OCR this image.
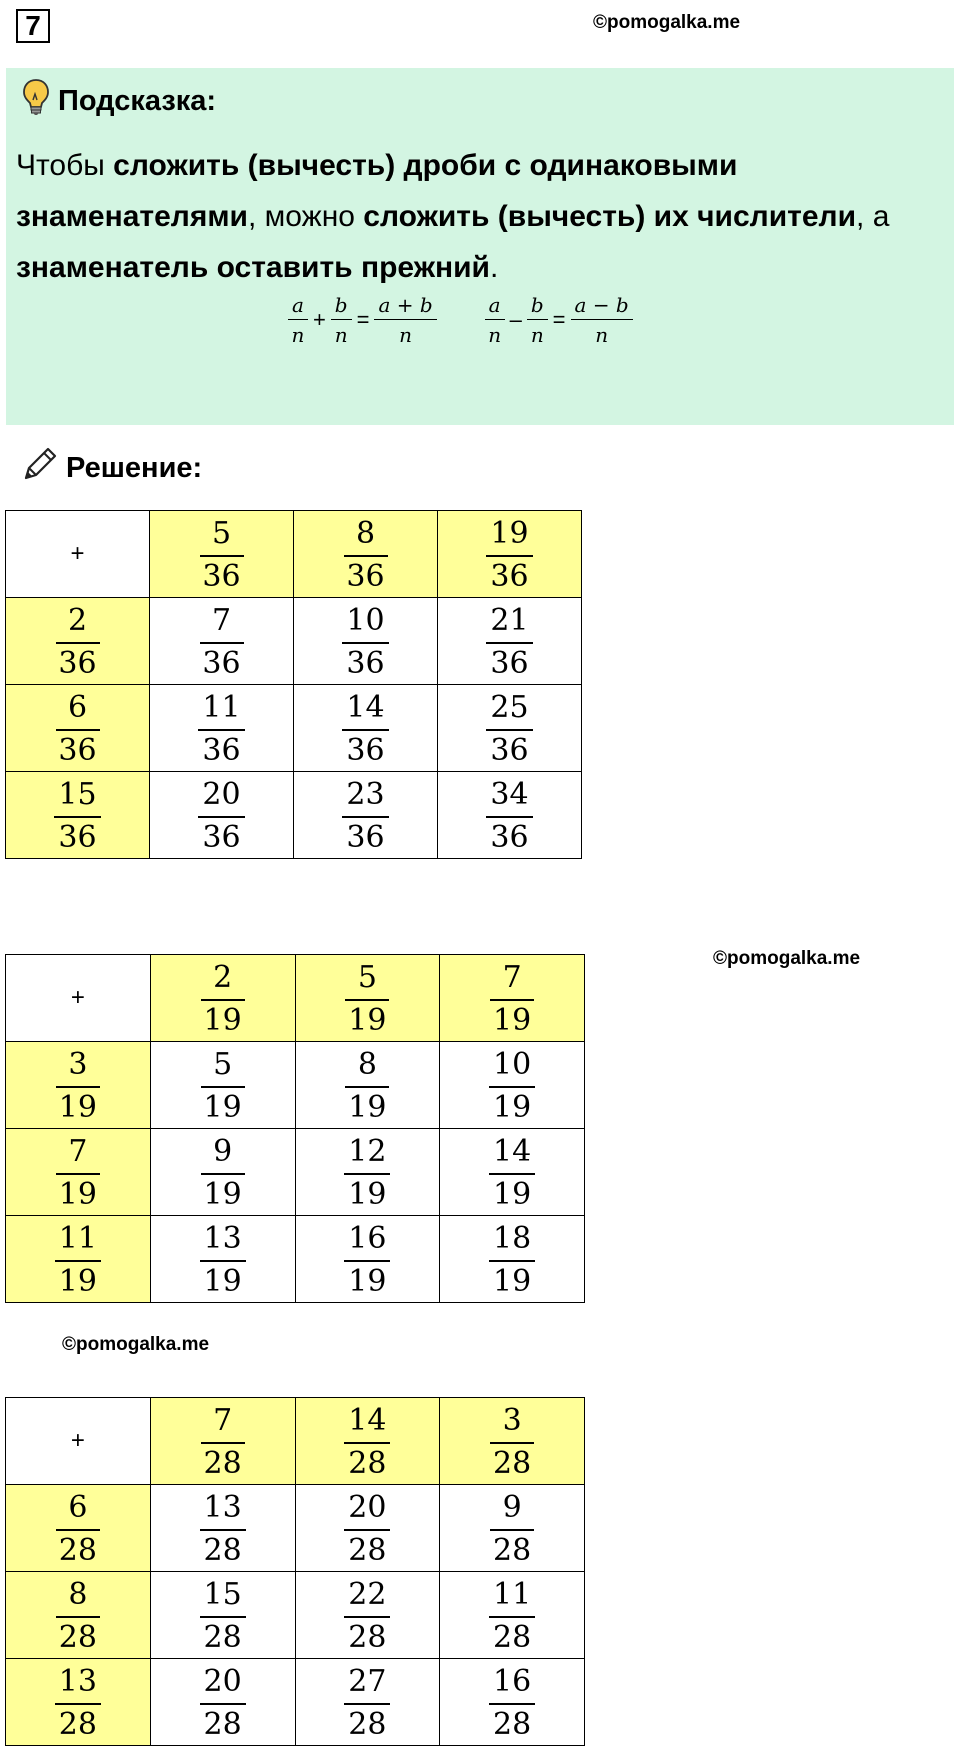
7	©pomogalka.me
Подсказка:
Чтобы сложить (вычесть) дроби с одинаковыми знаменателями, можно сложить (вычесть) их числители, а знаменатель оставить прежний.
a
n
+ $\frac{b}{n} = \frac{a + b}{n}$	a
n
– $\frac{b}{n} = \frac{a - b}{n}$
Решение:
+	$\frac{5}{36}$	$\frac{8}{36}$	$\frac{19}{36}$

$\frac{2}{36}$	$\frac{7}{36}$	$\frac{10}{36}$	$\frac{21}{36}$

$\frac{6}{36}$	$\frac{11}{36}$	$\frac{14}{36}$	$\frac{25}{36}$

$\frac{15}{36}$	$\frac{20}{36}$	$\frac{23}{36}$	$\frac{34}{36}$
+	$\frac{2}{19}$	$\frac{5}{19}$	$\frac{7}{19}$

$\frac{3}{19}$	$\frac{5}{19}$	$\frac{8}{19}$	$\frac{10}{19}$

$\frac{7}{19}$	$\frac{9}{19}$	$\frac{12}{19}$	$\frac{14}{19}$

$\frac{11}{19}$	$\frac{13}{19}$	$\frac{16}{19}$	$\frac{18}{19}$
+	$\frac{7}{28}$	$\frac{14}{28}$	$\frac{3}{28}$

$\frac{6}{28}$	$\frac{13}{28}$	$\frac{20}{28}$	$\frac{9}{28}$

$\frac{8}{28}$	$\frac{15}{28}$	$\frac{22}{28}$	$\frac{11}{28}$

$\frac{13}{28}$	$\frac{20}{28}$	$\frac{27}{28}$	$\frac{16}{28}$
©pomogalka.me
©pomogalka.me
